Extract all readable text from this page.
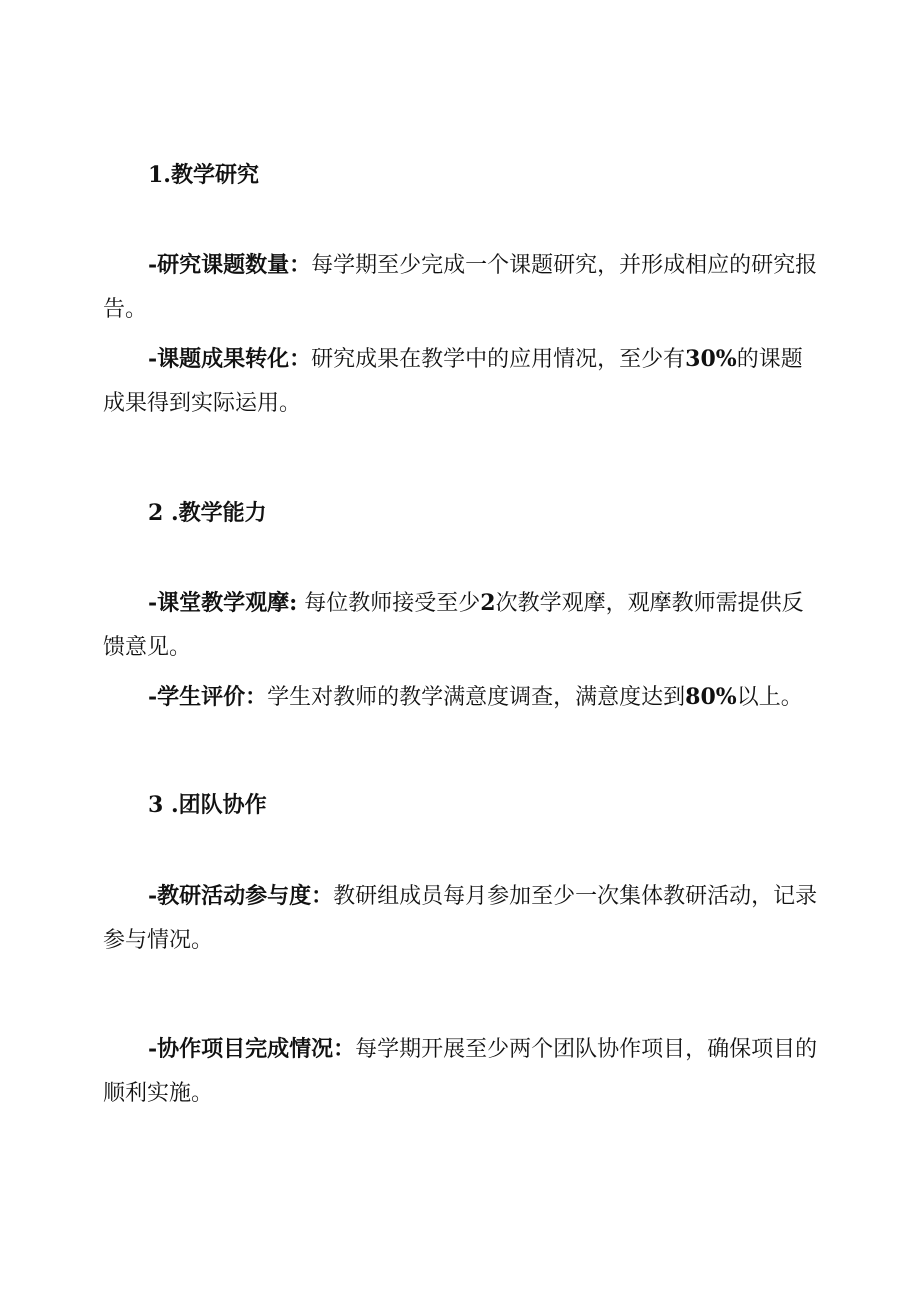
1.教学研究

-研究课题数量：每学期至少完成一个课题研究，并形成相应的研究报告。

-课题成果转化：研究成果在教学中的应用情况，至少有30%的课题成果得到实际运用。

2 .教学能力

-课堂教学观摩: 每位教师接受至少2次教学观摩，观摩教师需提供反馈意见。

-学生评价：学生对教师的教学满意度调查，满意度达到80%以上。

3 .团队协作

-教研活动参与度：教研组成员每月参加至少一次集体教研活动，记录参与情况。

-协作项目完成情况：每学期开展至少两个团队协作项目，确保项目的顺利实施。
